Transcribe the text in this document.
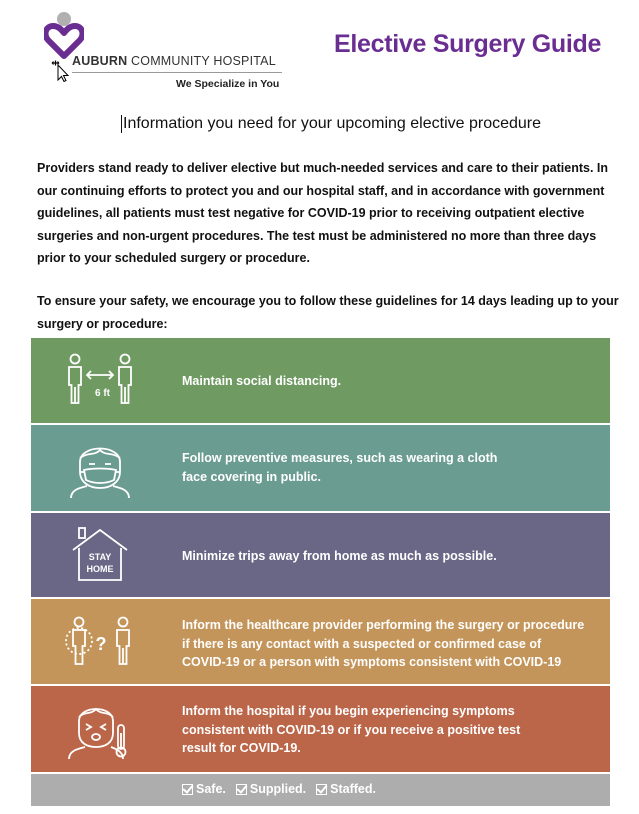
AUBURN COMMUNITY HOSPITAL
We Specialize in You
Elective Surgery Guide
Information you need for your upcoming elective procedure

Providers stand ready to deliver elective but much-needed services and care to their patients. In our continuing efforts to protect you and our hospital staff, and in accordance with government guidelines, all patients must test negative for COVID-19 prior to receiving outpatient elective surgeries and non-urgent procedures. The test must be administered no more than three days prior to your scheduled surgery or procedure.

To ensure your safety, we encourage you to follow these guidelines for 14 days leading up to your surgery or procedure:

6 ft
Maintain social distancing.
Follow preventive measures, such as wearing a cloth
face covering in public.
STAY
HOME
Minimize trips away from home as much as possible.
?
Inform the healthcare provider performing the surgery or procedure
if there is any contact with a suspected or confirmed case of
COVID-19 or a person with symptoms consistent with COVID-19
Inform the hospital if you begin experiencing symptoms
consistent with COVID-19 or if you receive a positive test
result for COVID-19.
Safe. Supplied. Staffed.
